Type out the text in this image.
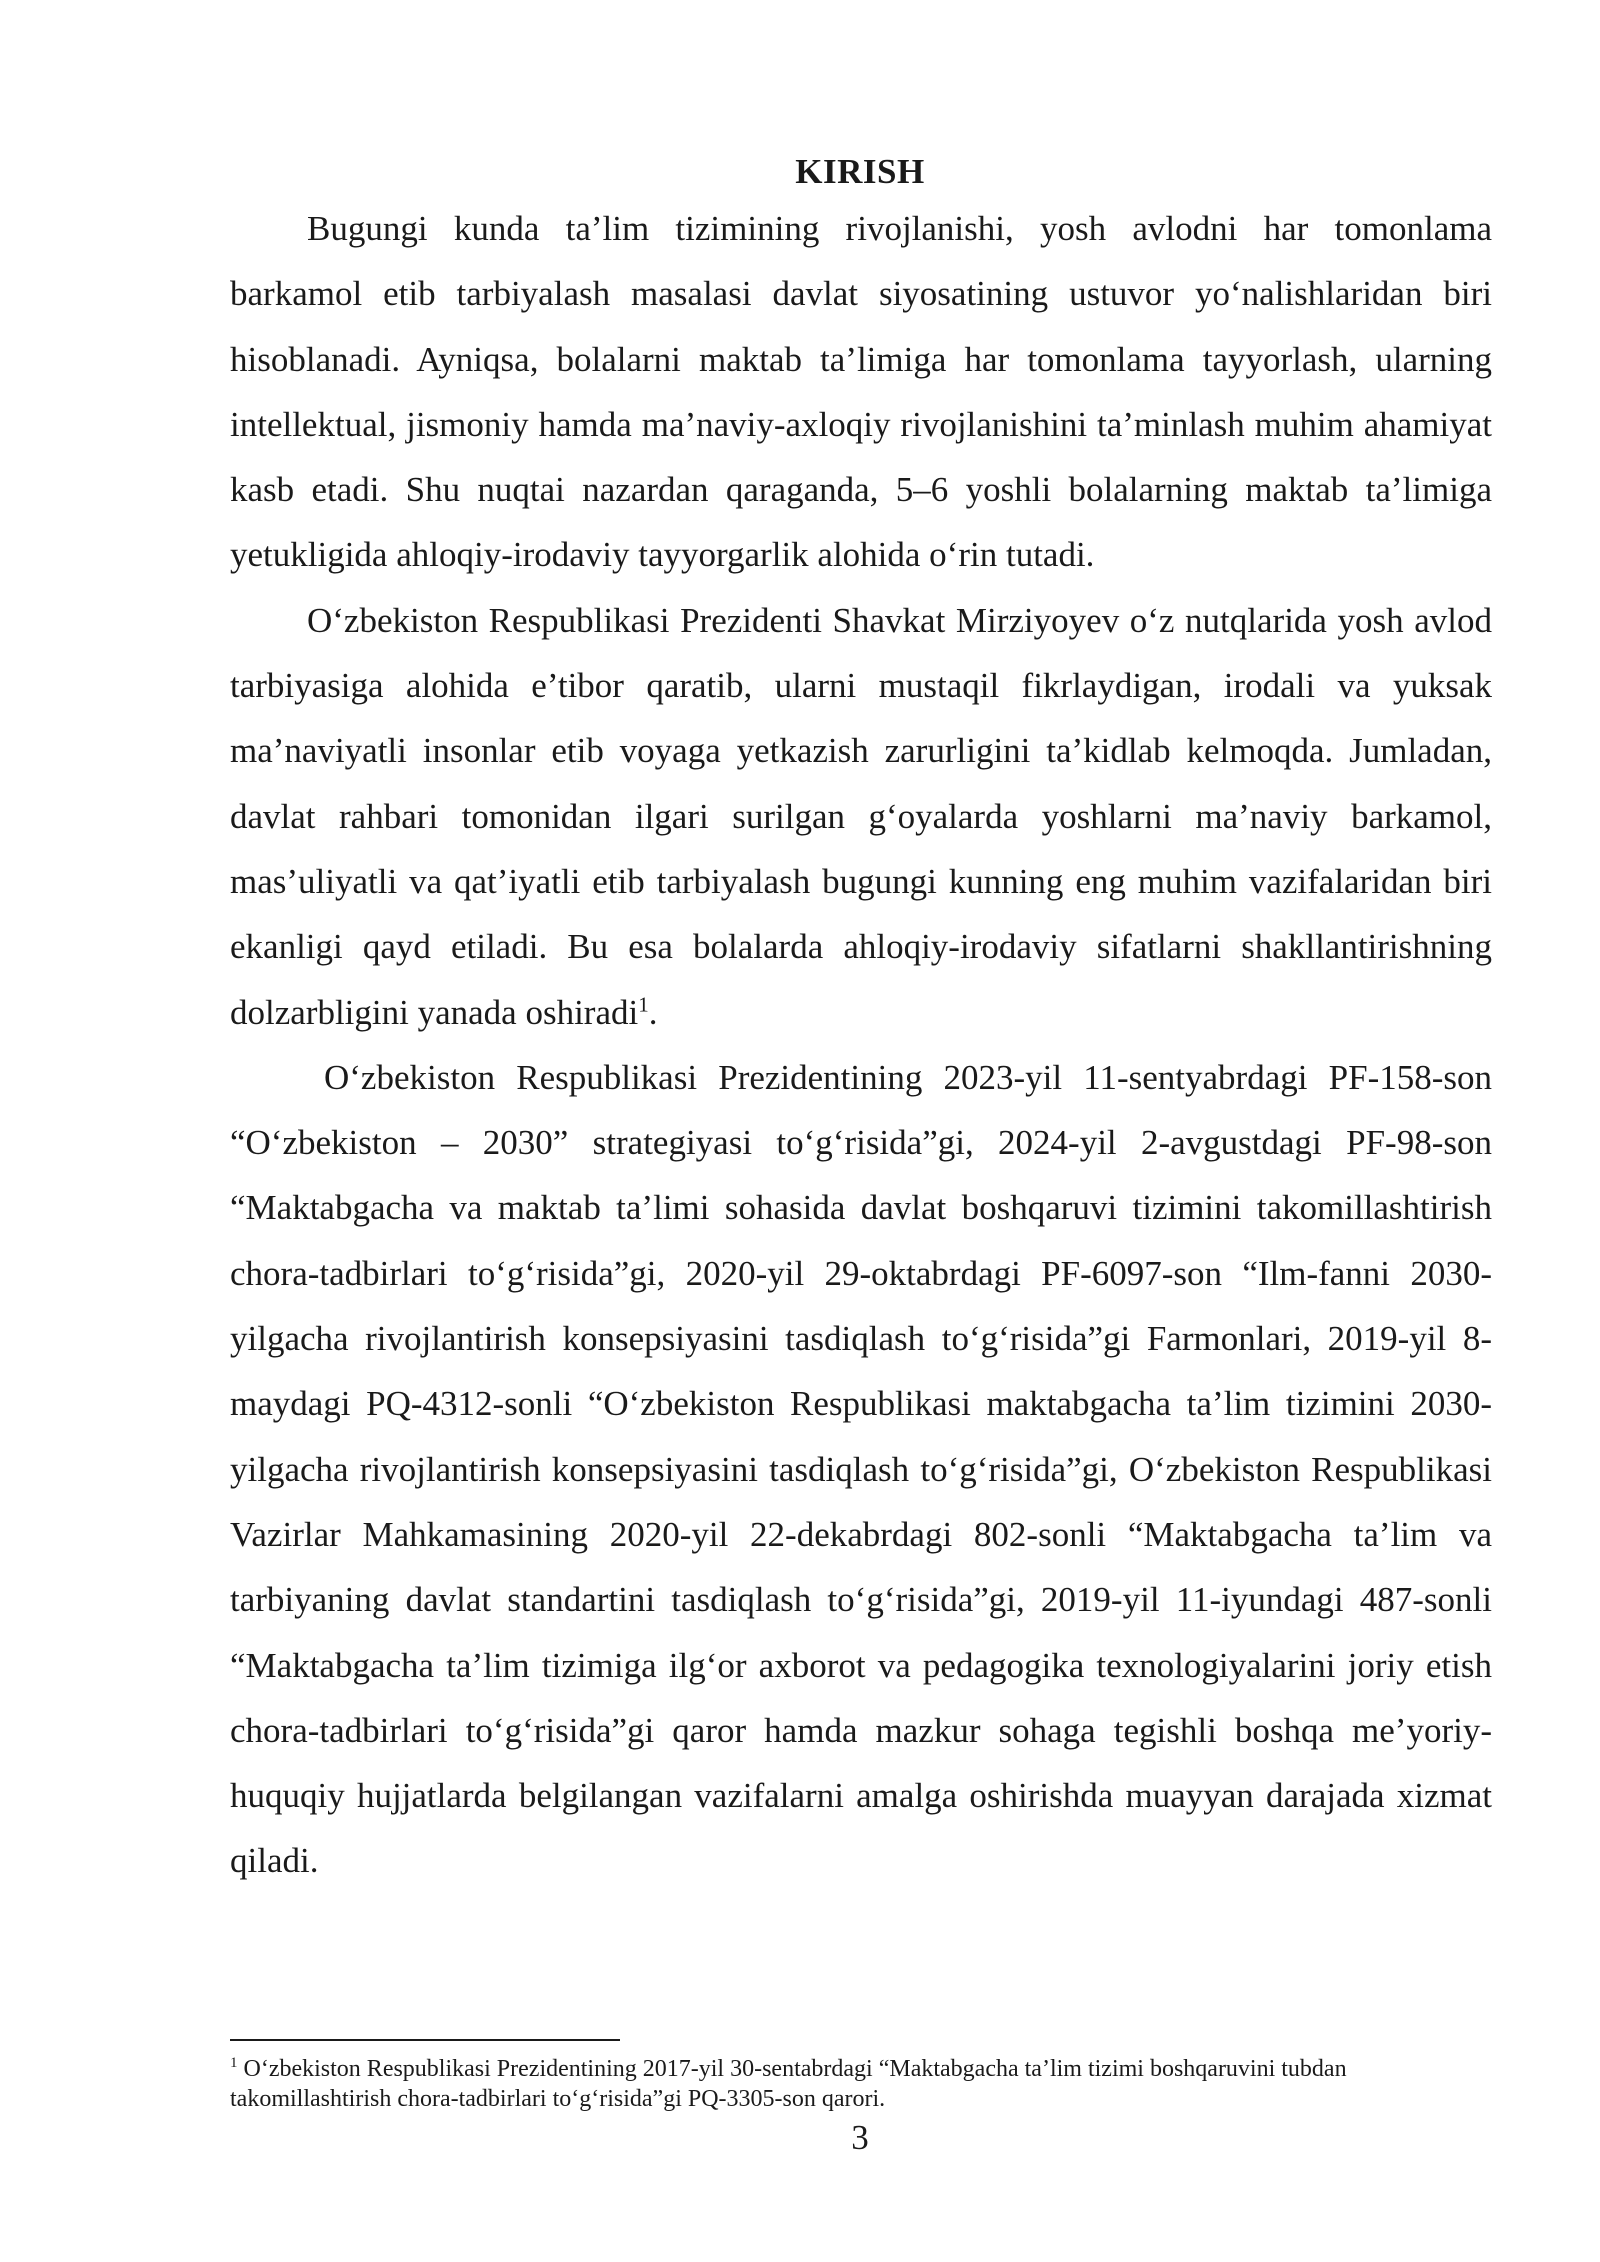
KIRISH

Bugungi kunda ta’lim tizimining rivojlanishi, yosh avlodni har tomonlama barkamol etib tarbiyalash masalasi davlat siyosatining ustuvor yo‘nalishlaridan biri hisoblanadi. Ayniqsa, bolalarni maktab ta’limiga har tomonlama tayyorlash, ularning intellektual, jismoniy hamda ma’naviy-axloqiy rivojlanishini ta’minlash muhim ahamiyat kasb etadi. Shu nuqtai nazardan qaraganda, 5–6 yoshli bolalarning maktab ta’limiga yetukligida ahloqiy-irodaviy tayyorgarlik alohida o‘rin tutadi.

O‘zbekiston Respublikasi Prezidenti Shavkat Mirziyoyev o‘z nutqlarida yosh avlod tarbiyasiga alohida e’tibor qaratib, ularni mustaqil fikrlaydigan, irodali va yuksak ma’naviyatli insonlar etib voyaga yetkazish zarurligini ta’kidlab kelmoqda. Jumladan, davlat rahbari tomonidan ilgari surilgan g‘oyalarda yoshlarni ma’naviy barkamol, mas’uliyatli va qat’iyatli etib tarbiyalash bugungi kunning eng muhim vazifalaridan biri ekanligi qayd etiladi. Bu esa bolalarda ahloqiy-irodaviy sifatlarni shakllantirishning dolzarbligini yanada oshiradi$^1$.

O‘zbekiston Respublikasi Prezidentining 2023-yil 11-sentyabrdagi PF-158-son “O‘zbekiston – 2030” strategiyasi to‘g‘risida”gi, 2024-yil 2-avgustdagi PF-98-son “Maktabgacha va maktab ta’limi sohasida davlat boshqaruvi tizimini takomillashtirish chora-tadbirlari to‘g‘risida”gi, 2020-yil 29-oktabrdagi PF-6097-son “Ilm-fanni 2030-yilgacha rivojlantirish konsepsiyasini tasdiqlash to‘g‘risida”gi Farmonlari, 2019-yil 8-maydagi PQ-4312-sonli “O‘zbekiston Respublikasi maktabgacha ta’lim tizimini 2030-yilgacha rivojlantirish konsepsiyasini tasdiqlash to‘g‘risida”gi, O‘zbekiston Respublikasi Vazirlar Mahkamasining 2020-yil 22-dekabrdagi 802-sonli “Maktabgacha ta’lim va tarbiyaning davlat standartini tasdiqlash to‘g‘risida”gi, 2019-yil 11-iyundagi 487-sonli “Maktabgacha ta’lim tizimiga ilg‘or axborot va pedagogika texnologiyalarini joriy etish chora-tadbirlari to‘g‘risida”gi qaror hamda mazkur sohaga tegishli boshqa me’yoriy-huquqiy hujjatlarda belgilangan vazifalarni amalga oshirishda muayyan darajada xizmat qiladi.

$^1$ O‘zbekiston Respublikasi Prezidentining 2017-yil 30-sentabrdagi “Maktabgacha ta’lim tizimi boshqaruvini tubdan takomillashtirish chora-tadbirlari to‘g‘risida”gi PQ-3305-son qarori.
3
